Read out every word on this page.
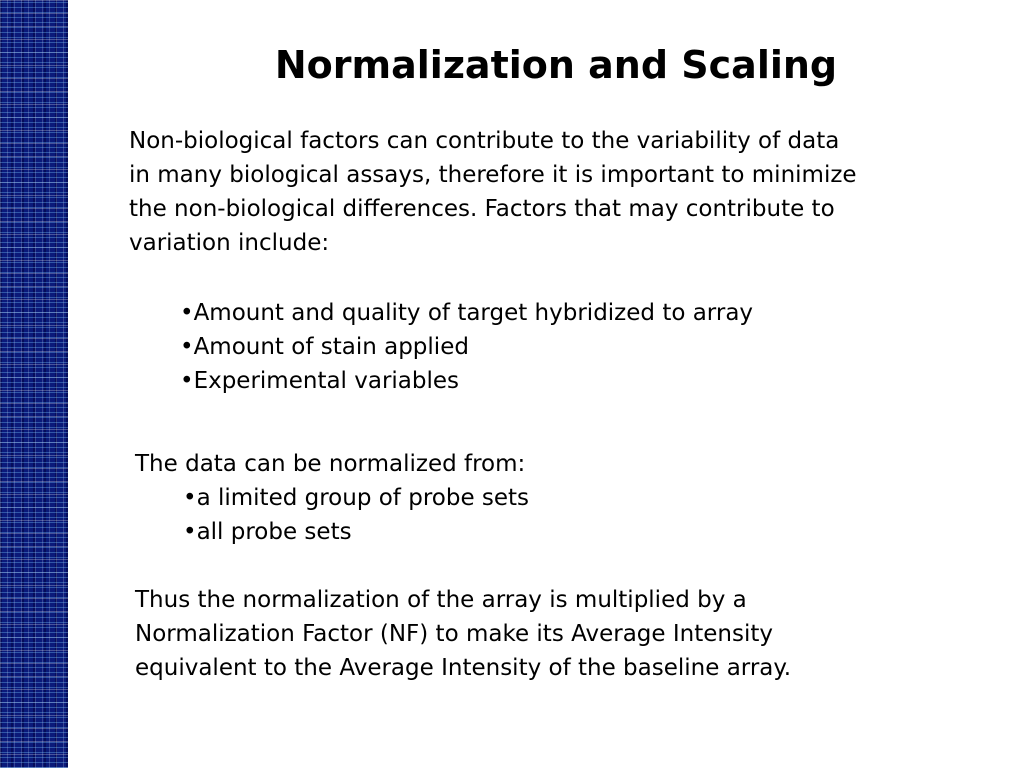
Normalization and Scaling

Non-biological factors can contribute to the variability of data
in many biological assays, therefore it is important to minimize
the non-biological differences. Factors that may contribute to
variation include:

•Amount and quality of target hybridized to array
•Amount of stain applied
•Experimental variables

The data can be normalized from:

•a limited group of probe sets
•all probe sets

Thus the normalization of the array is multiplied by a
Normalization Factor (NF) to make its Average Intensity
equivalent to the Average Intensity of the baseline array.
